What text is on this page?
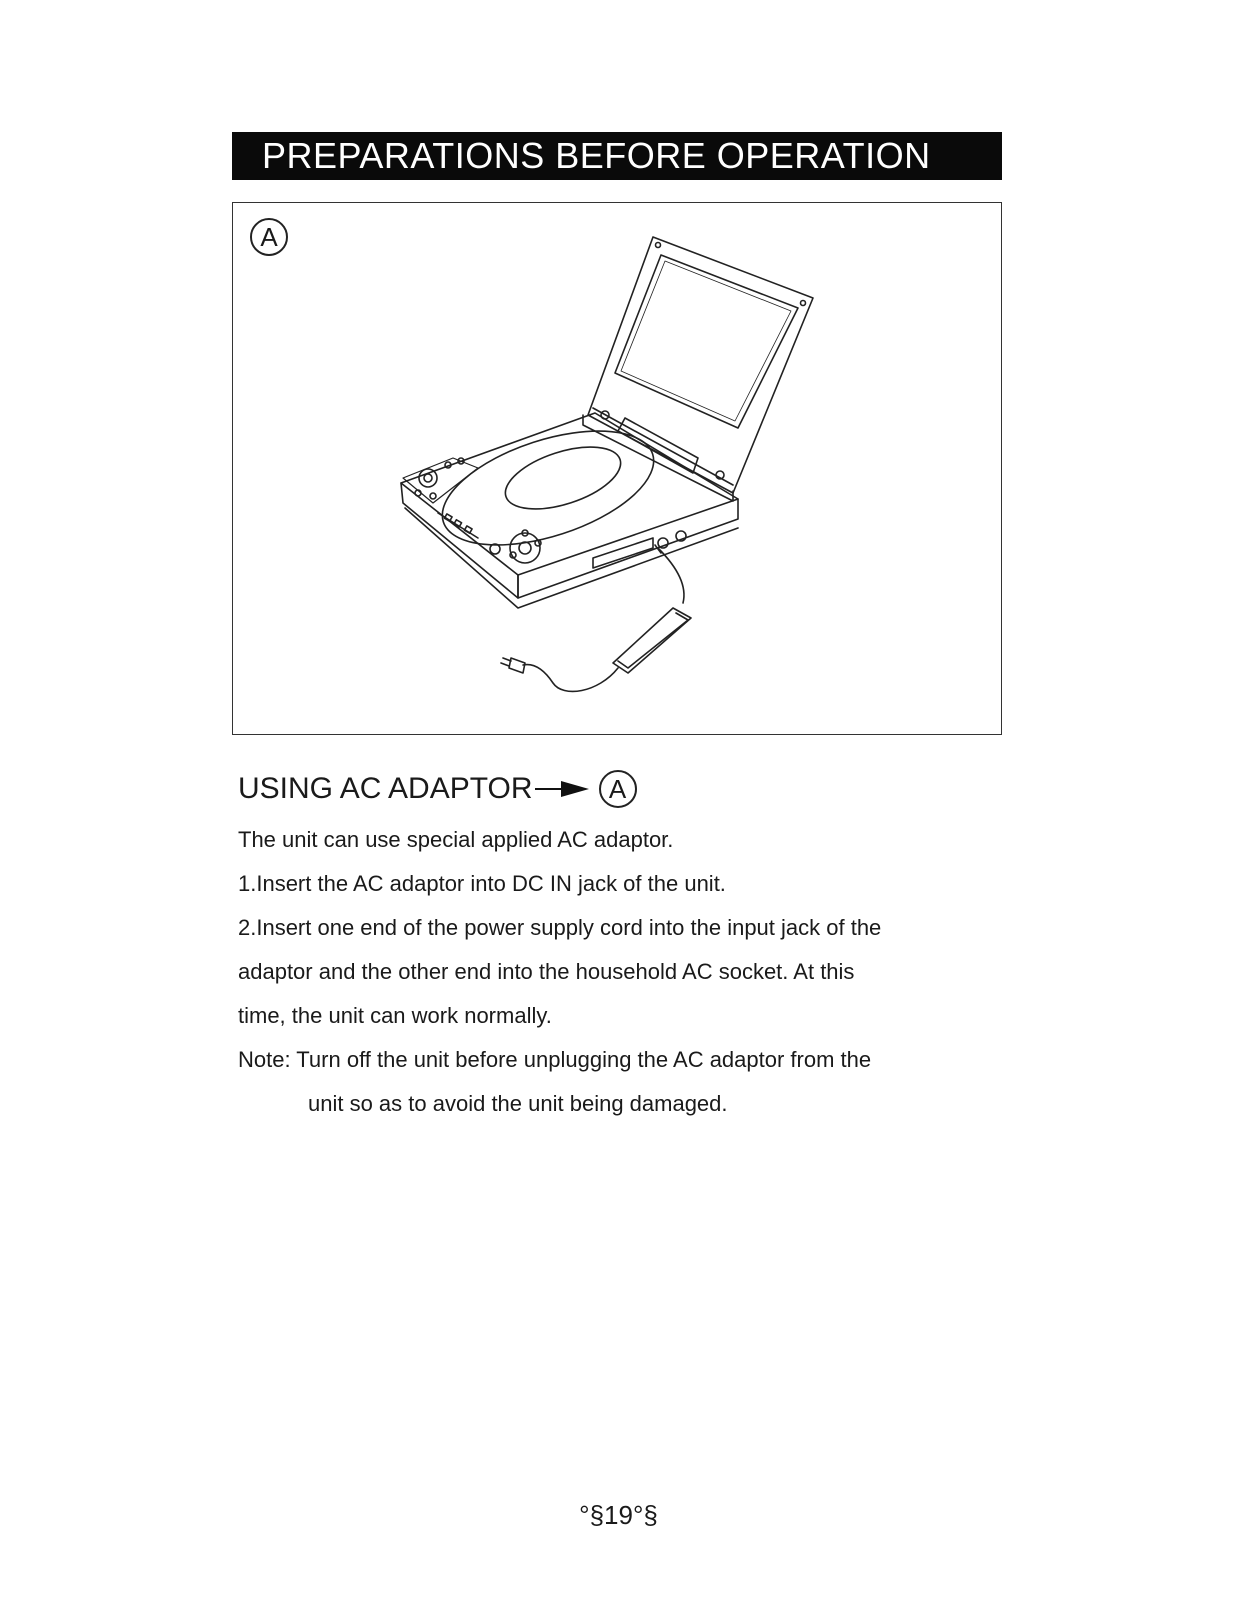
PREPARATIONS BEFORE OPERATION
A
USING AC ADAPTOR	A

The unit can use special applied AC adaptor.

1.Insert the AC adaptor into DC IN jack of the unit.

2.Insert one end of the power supply cord into the input jack of the

adaptor and the other end into the household AC socket. At this

time, the unit can work normally.

Note: Turn off the unit before unplugging the AC adaptor from the

unit so as to avoid the unit being damaged.

°§19°§
